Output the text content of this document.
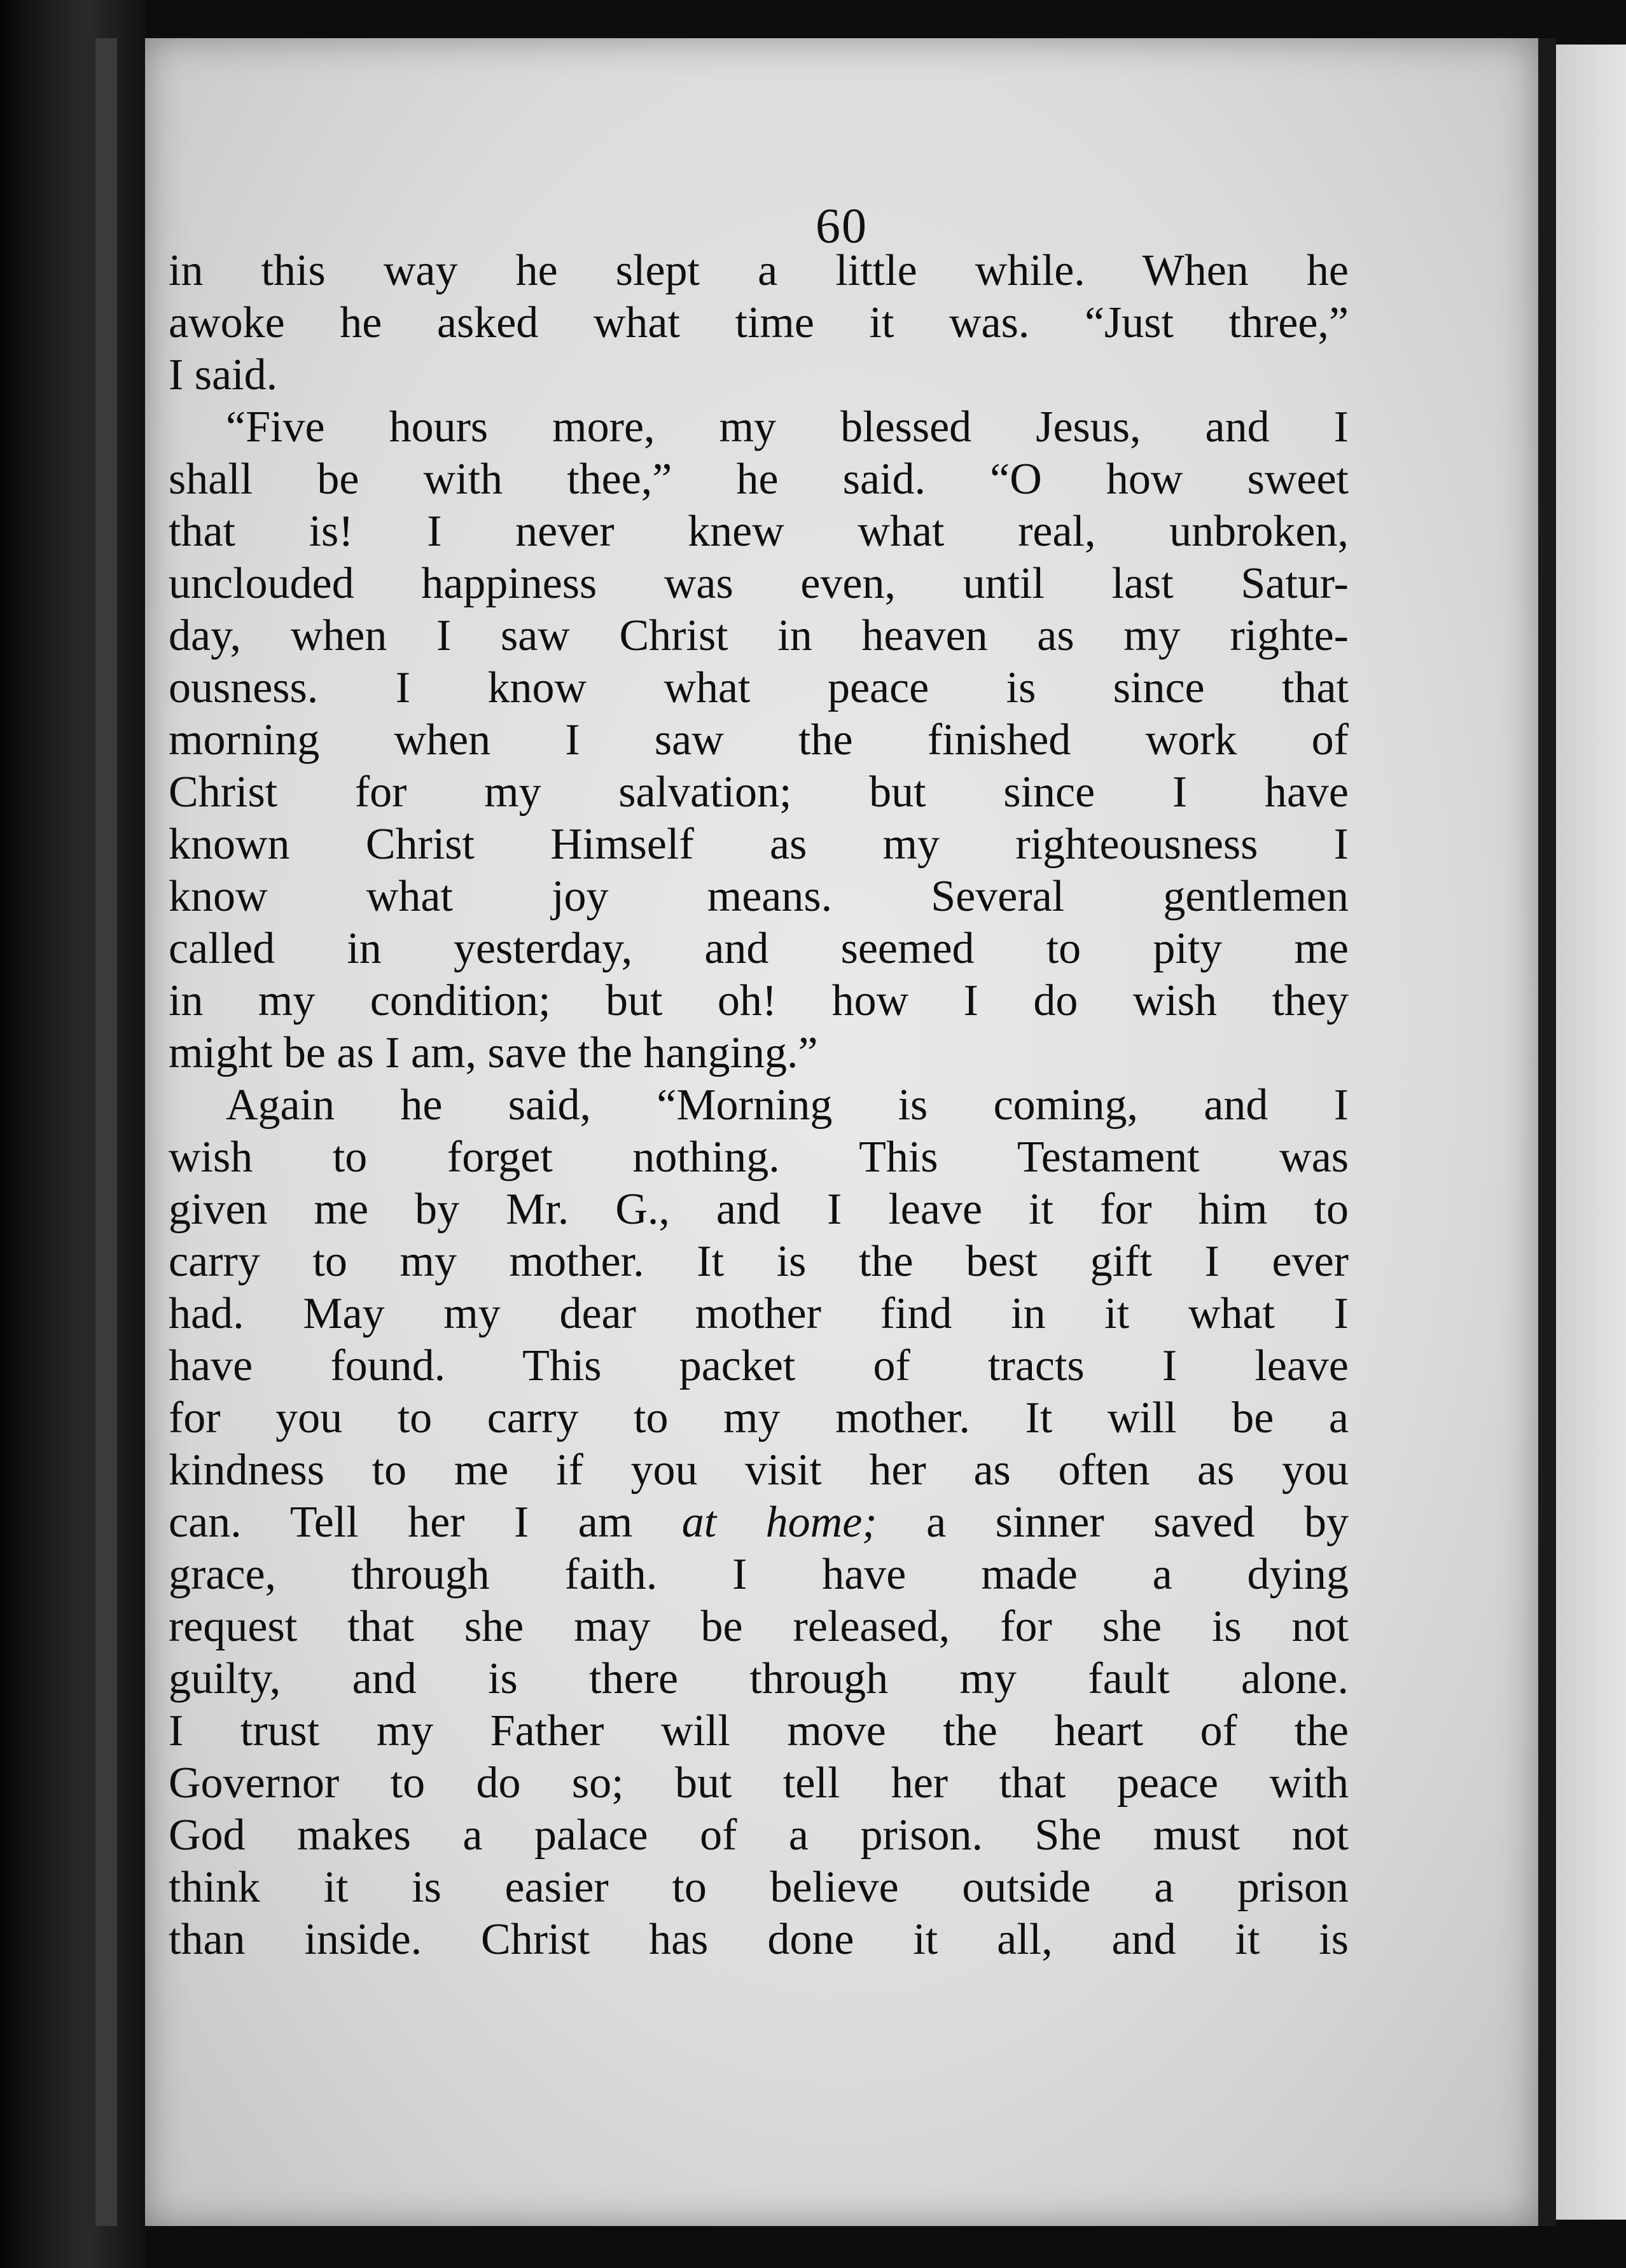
60
in this way he slept a little while. When he
awoke he asked what time it was. “Just three,”
I said.
“Five hours more, my blessed Jesus, and I
shall be with thee,” he said. “O how sweet
that is! I never knew what real, unbroken,
unclouded happiness was even, until last Satur-
day, when I saw Christ in heaven as my righte-
ousness. I know what peace is since that
morning when I saw the finished work of
Christ for my salvation; but since I have
known Christ Himself as my righteousness I
know what joy means. Several gentlemen
called in yesterday, and seemed to pity me
in my condition; but oh! how I do wish they
might be as I am, save the hanging.”
Again he said, “Morning is coming, and I
wish to forget nothing. This Testament was
given me by Mr. G., and I leave it for him to
carry to my mother. It is the best gift I ever
had. May my dear mother find in it what I
have found. This packet of tracts I leave
for you to carry to my mother. It will be a
kindness to me if you visit her as often as you
can. Tell her I am at home; a sinner saved by
grace, through faith. I have made a dying
request that she may be released, for she is not
guilty, and is there through my fault alone.
I trust my Father will move the heart of the
Governor to do so; but tell her that peace with
God makes a palace of a prison. She must not
think it is easier to believe outside a prison
than inside. Christ has done it all, and it is
